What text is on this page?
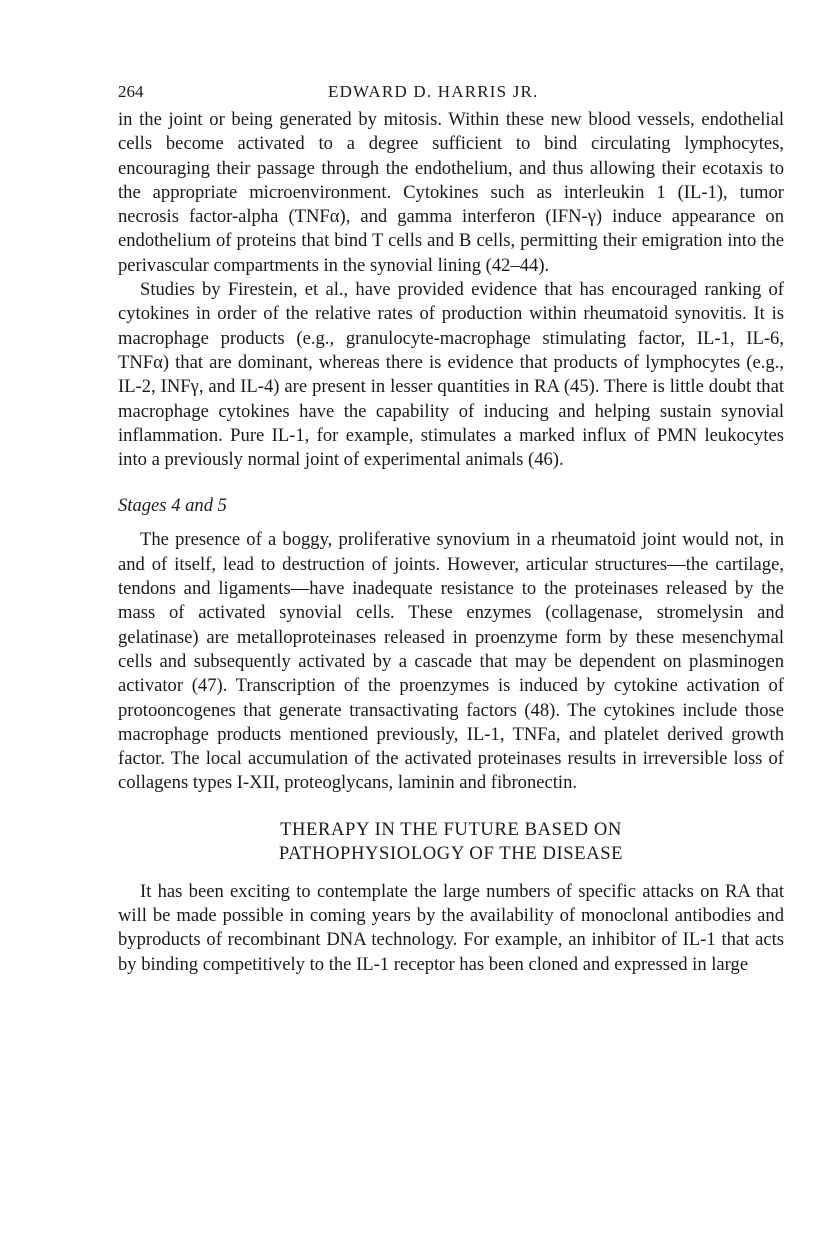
264	EDWARD D. HARRIS JR.

in the joint or being generated by mitosis. Within these new blood vessels, endothelial cells become activated to a degree sufficient to bind circulating lymphocytes, encouraging their passage through the endothelium, and thus allowing their ecotaxis to the appropriate microenvironment. Cytokines such as interleukin 1 (IL-1), tumor necrosis factor-alpha (TNFα), and gamma interferon (IFN-γ) induce appearance on endothelium of proteins that bind T cells and B cells, permitting their emigration into the perivascular compartments in the synovial lining (42–44).

Studies by Firestein, et al., have provided evidence that has encouraged ranking of cytokines in order of the relative rates of production within rheumatoid synovitis. It is macrophage products (e.g., granulocyte-macrophage stimulating factor, IL-1, IL-6, TNFα) that are dominant, whereas there is evidence that products of lymphocytes (e.g., IL-2, INFγ, and IL-4) are present in lesser quantities in RA (45). There is little doubt that macrophage cytokines have the capability of inducing and helping sustain synovial inflammation. Pure IL-1, for example, stimulates a marked influx of PMN leukocytes into a previously normal joint of experimental animals (46).

Stages 4 and 5

The presence of a boggy, proliferative synovium in a rheumatoid joint would not, in and of itself, lead to destruction of joints. However, articular structures—the cartilage, tendons and ligaments—have inadequate resistance to the proteinases released by the mass of activated synovial cells. These enzymes (collagenase, stromelysin and gelatinase) are metalloproteinases released in proenzyme form by these mesenchymal cells and subsequently activated by a cascade that may be dependent on plasminogen activator (47). Transcription of the proenzymes is induced by cytokine activation of protooncogenes that generate transactivating factors (48). The cytokines include those macrophage products mentioned previously, IL-1, TNFa, and platelet derived growth factor. The local accumulation of the activated proteinases results in irreversible loss of collagens types I-XII, proteoglycans, laminin and fibronectin.

THERAPY IN THE FUTURE BASED ON
PATHOPHYSIOLOGY OF THE DISEASE

It has been exciting to contemplate the large numbers of specific attacks on RA that will be made possible in coming years by the availability of monoclonal antibodies and byproducts of recombinant DNA technology. For example, an inhibitor of IL-1 that acts by binding competitively to the IL-1 receptor has been cloned and expressed in large
